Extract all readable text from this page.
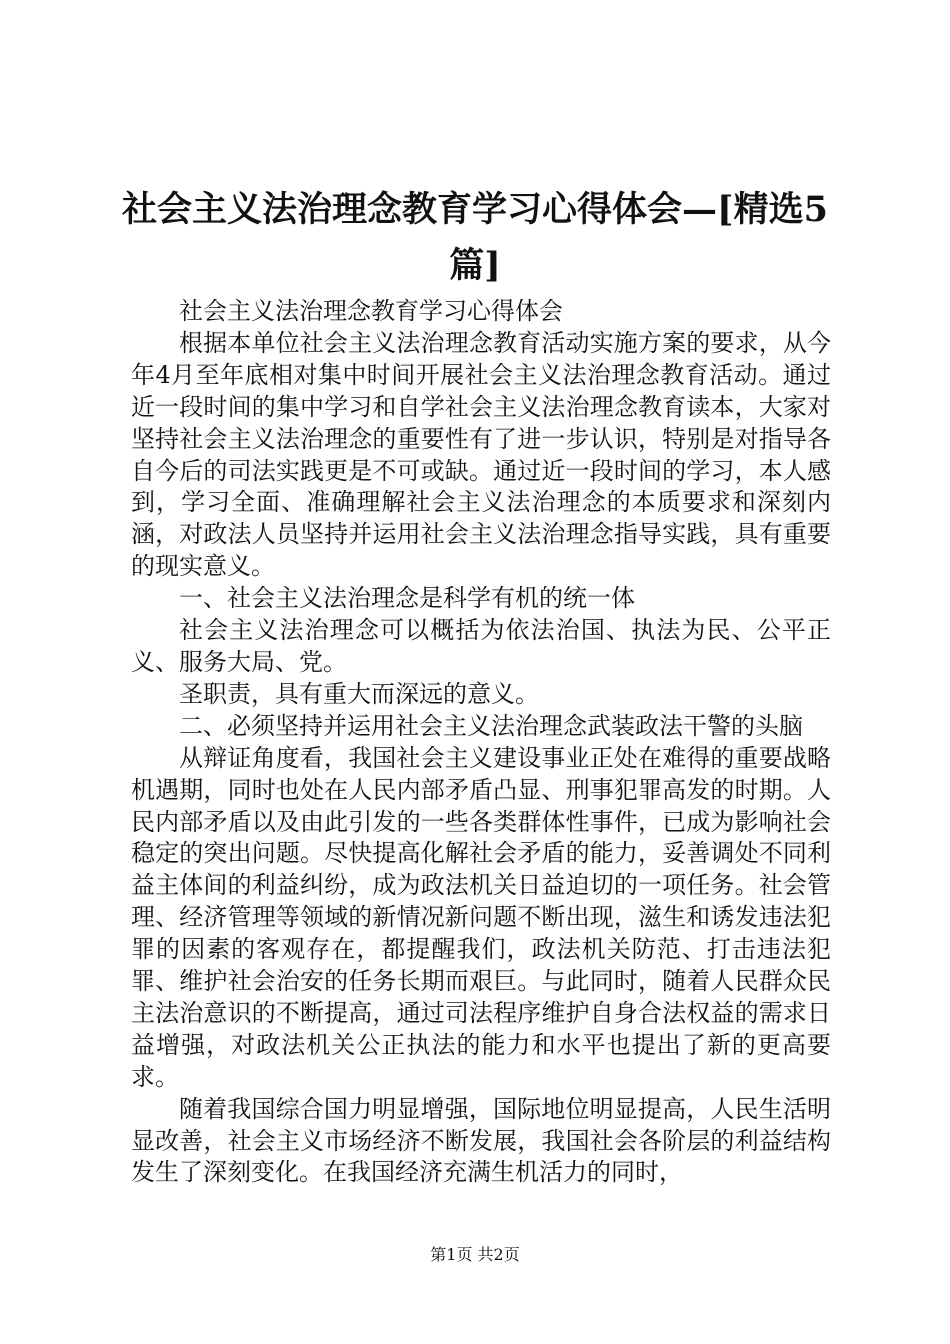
社会主义法治理念教育学习心得体会—[精选5篇]

社会主义法治理念教育学习心得体会

根据本单位社会主义法治理念教育活动实施方案的要求，从今年4月至年底相对集中时间开展社会主义法治理念教育活动。通过近一段时间的集中学习和自学社会主义法治理念教育读本，大家对坚持社会主义法治理念的重要性有了进一步认识，特别是对指导各自今后的司法实践更是不可或缺。通过近一段时间的学习，本人感到，学习全面、准确理解社会主义法治理念的本质要求和深刻内涵，对政法人员坚持并运用社会主义法治理念指导实践，具有重要的现实意义。

一、社会主义法治理念是科学有机的统一体

社会主义法治理念可以概括为依法治国、执法为民、公平正义、服务大局、党。

圣职责，具有重大而深远的意义。

二、必须坚持并运用社会主义法治理念武装政法干警的头脑

从辩证角度看，我国社会主义建设事业正处在难得的重要战略机遇期，同时也处在人民内部矛盾凸显、刑事犯罪高发的时期。人民内部矛盾以及由此引发的一些各类群体性事件，已成为影响社会稳定的突出问题。尽快提高化解社会矛盾的能力，妥善调处不同利益主体间的利益纠纷，成为政法机关日益迫切的一项任务。社会管理、经济管理等领域的新情况新问题不断出现，滋生和诱发违法犯罪的因素的客观存在，都提醒我们，政法机关防范、打击违法犯罪、维护社会治安的任务长期而艰巨。与此同时，随着人民群众民主法治意识的不断提高，通过司法程序维护自身合法权益的需求日益增强，对政法机关公正执法的能力和水平也提出了新的更高要求。

随着我国综合国力明显增强，国际地位明显提高，人民生活明显改善，社会主义市场经济不断发展，我国社会各阶层的利益结构发生了深刻变化。在我国经济充满生机活力的同时，

第1页 共2页
